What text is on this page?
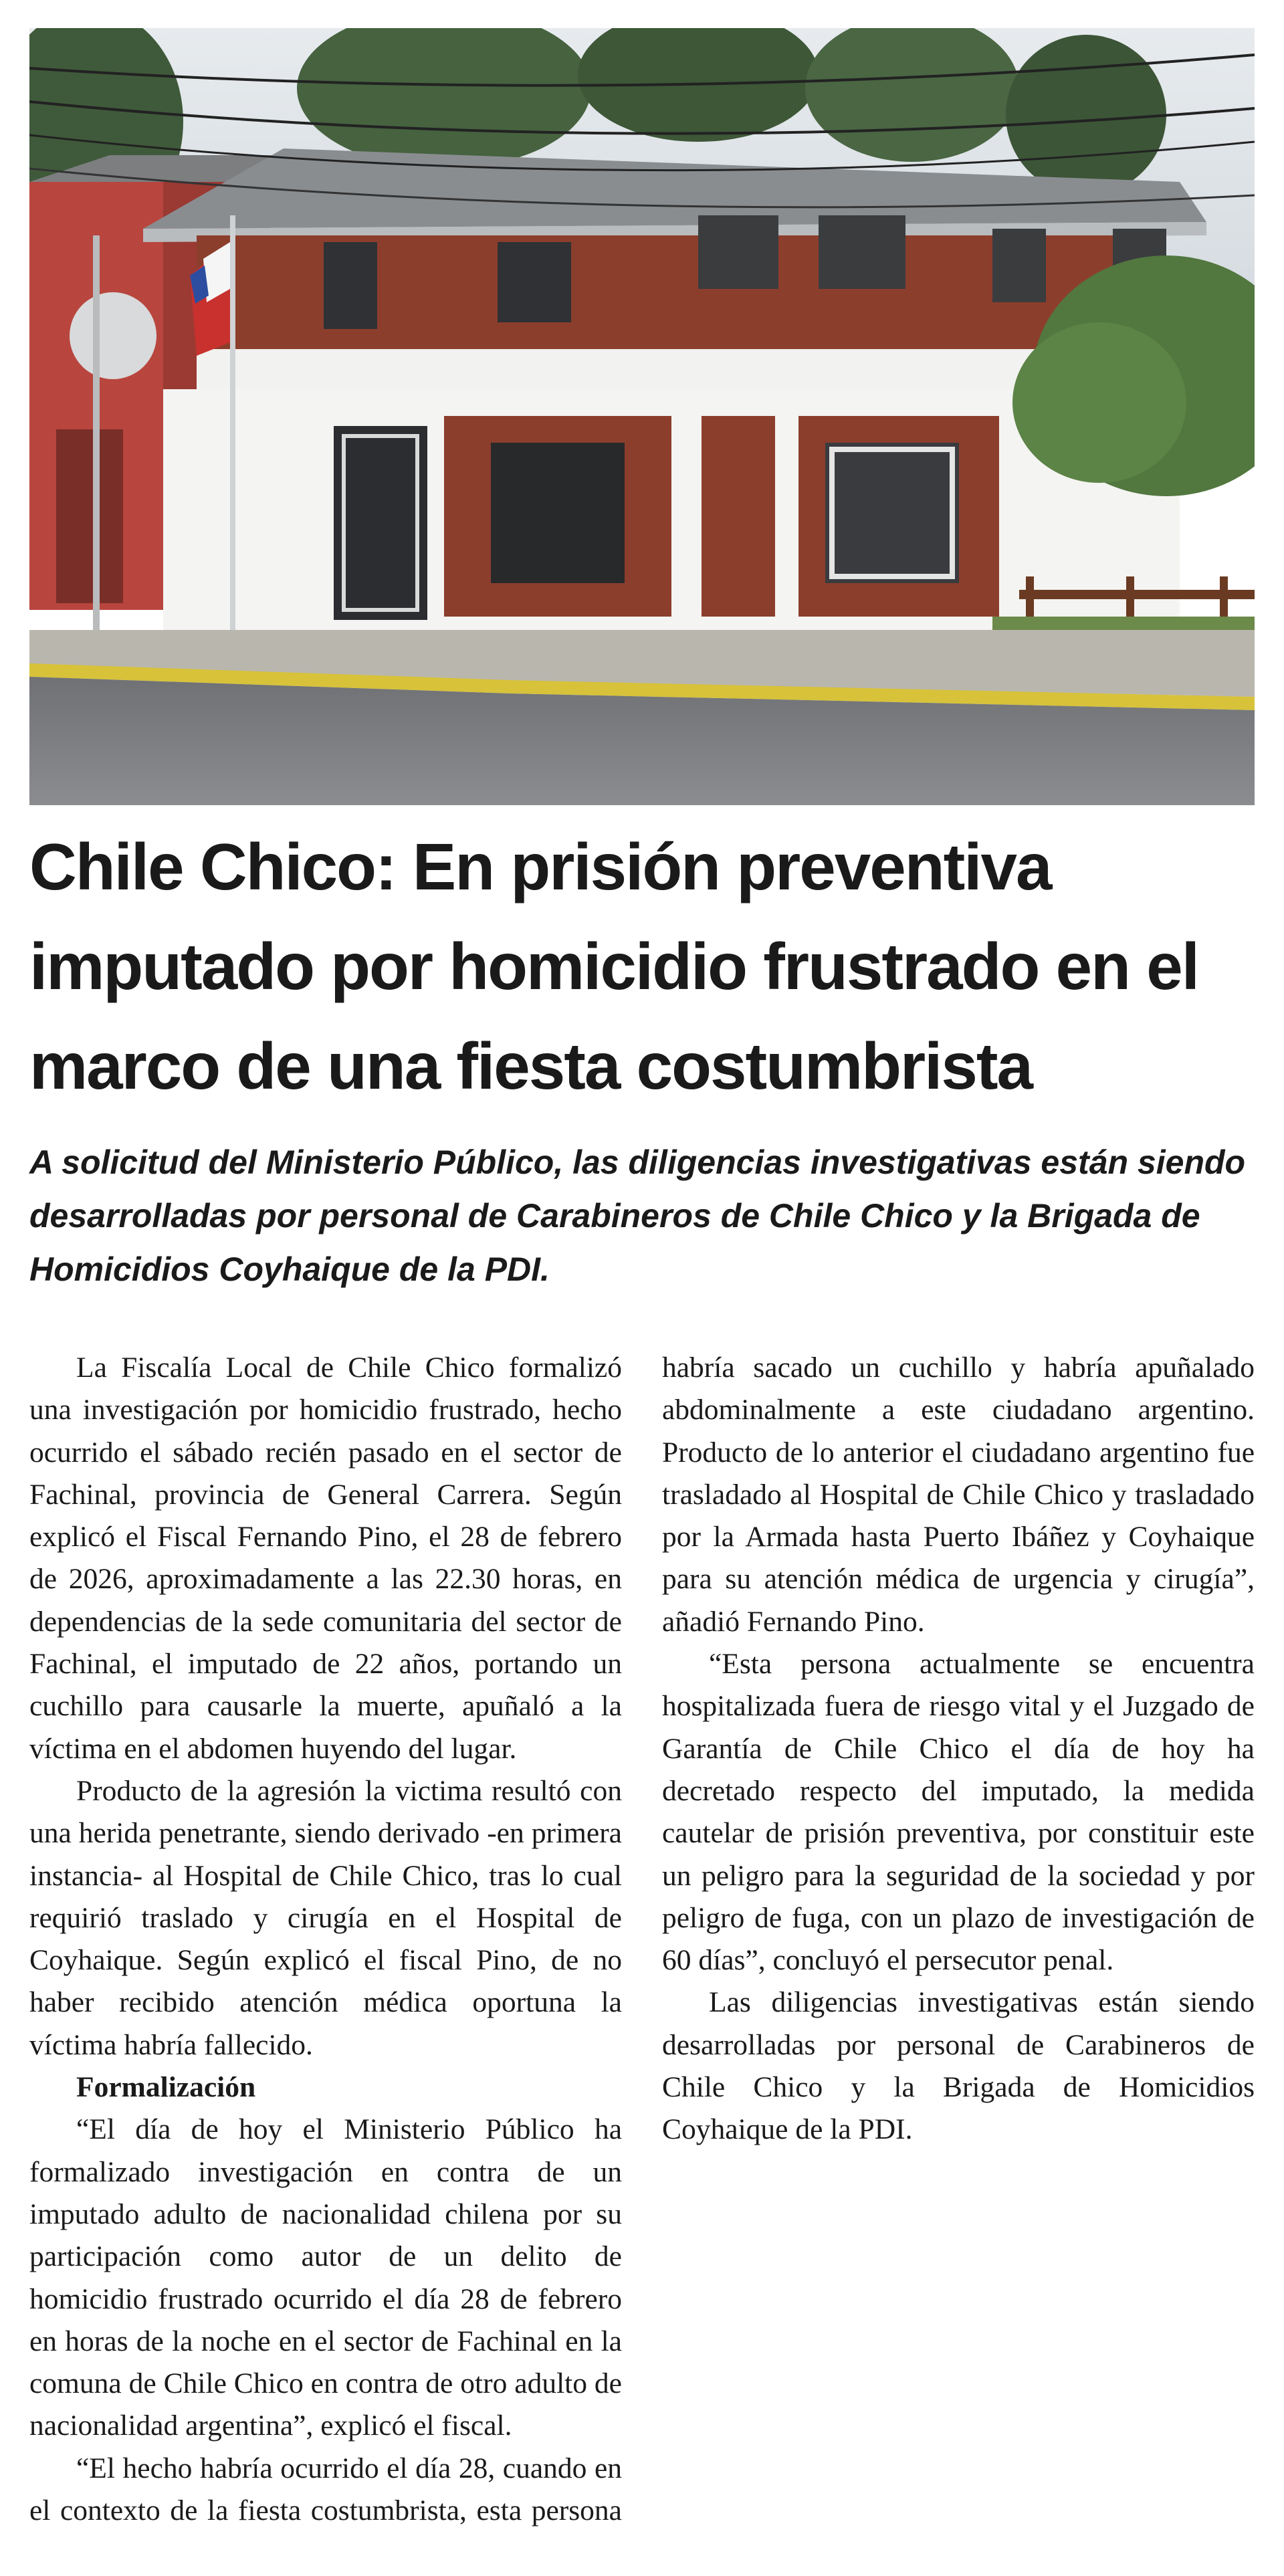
Chile Chico: En prisión preventiva imputado por homicidio frustrado en el marco de una fiesta costumbrista
A solicitud del Ministerio Público, las diligencias investigativas están siendo desarrolladas por personal de Carabineros de Chile Chico y la Brigada de Homicidios Coyhaique de la PDI.

La Fiscalía Local de Chile Chico formalizó una investigación por homicidio frustrado, hecho ocurrido el sábado recién pasado en el sector de Fachinal, provincia de General Carrera. Según explicó el Fiscal Fernando Pino, el 28 de febrero de 2026, aproximadamente a las 22.30 horas, en dependencias de la sede comunitaria del sector de Fachinal, el imputado de 22 años, portando un cuchillo para causarle la muerte, apuñaló a la víctima en el abdomen huyendo del lugar.

Producto de la agresión la victima resultó con una herida penetrante, siendo derivado -en primera instancia- al Hospital de Chile Chico, tras lo cual requirió traslado y cirugía en el Hospital de Coyhaique. Según explicó el fiscal Pino, de no haber recibido atención médica oportuna la víctima habría fallecido.

Formalización

“El día de hoy el Ministerio Público ha formalizado investigación en contra de un imputado adulto de nacionalidad chilena por su participación como autor de un delito de homicidio frustrado ocurrido el día 28 de febrero en horas de la noche en el sector de Fachinal en la comuna de Chile Chico en contra de otro adulto de nacionalidad argentina”, explicó el fiscal.

“El hecho habría ocurrido el día 28, cuando en el contexto de la fiesta costumbrista, esta persona habría sacado un cuchillo y habría apuñalado abdominalmente a este ciudadano argentino. Producto de lo anterior el ciudadano argentino fue trasladado al Hospital de Chile Chico y trasladado por la Armada hasta Puerto Ibáñez y Coyhaique para su atención médica de urgencia y cirugía”, añadió Fernando Pino.

“Esta persona actualmente se encuentra hospitalizada fuera de riesgo vital y el Juzgado de Garantía de Chile Chico el día de hoy ha decretado respecto del imputado, la medida cautelar de prisión preventiva, por constituir este un peligro para la seguridad de la sociedad y por peligro de fuga, con un plazo de investigación de 60 días”, concluyó el persecutor penal.

Las diligencias investigativas están siendo desarrolladas por personal de Carabineros de Chile Chico y la Brigada de Homicidios Coyhaique de la PDI.
